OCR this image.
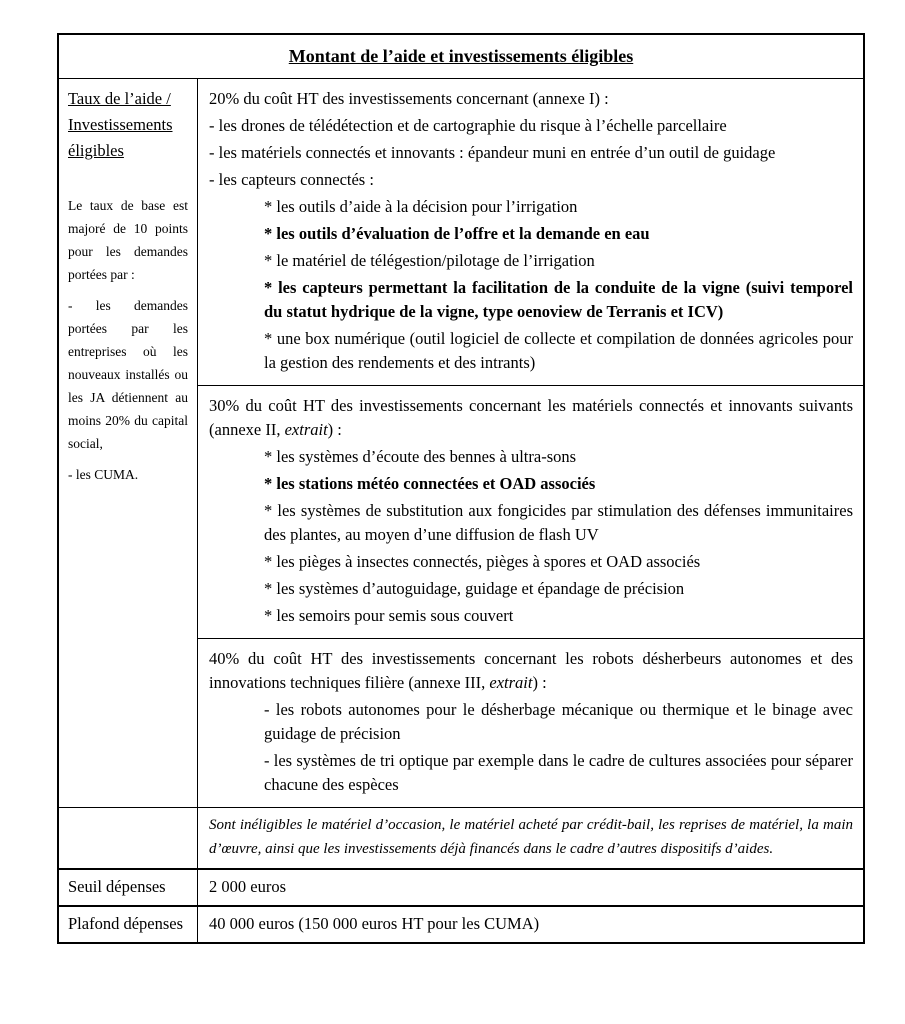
Montant de l’aide et investissements éligibles
Taux de l’aide / Investissements éligibles

Le taux de base est majoré de 10 points pour les demandes portées par :

- les demandes portées par les entreprises où les nouveaux installés ou les JA détiennent au moins 20% du capital social,

- les CUMA.

20% du coût HT des investissements concernant (annexe I) :

- les drones de télédétection et de cartographie du risque à l’échelle parcellaire

- les matériels connectés et innovants : épandeur muni en entrée d’un outil de guidage

- les capteurs connectés :

* les outils d’aide à la décision pour l’irrigation

* les outils d’évaluation de l’offre et la demande en eau

* le matériel de télégestion/pilotage de l’irrigation

* les capteurs permettant la facilitation de la conduite de la vigne (suivi temporel du statut hydrique de la vigne, type oenoview de Terranis et ICV)

* une box numérique (outil logiciel de collecte et compilation de données agricoles pour la gestion des rendements et des intrants)

30% du coût HT des investissements concernant les matériels connectés et innovants suivants (annexe II, extrait) :

* les systèmes d’écoute des bennes à ultra-sons

* les stations météo connectées et OAD associés

* les systèmes de substitution aux fongicides par stimulation des défenses immunitaires des plantes, au moyen d’une diffusion de flash UV

* les pièges à insectes connectés, pièges à spores et OAD associés

* les systèmes d’autoguidage, guidage et épandage de précision

* les semoirs pour semis sous couvert

40% du coût HT des investissements concernant les robots désherbeurs autonomes et des innovations techniques filière (annexe III, extrait) :

- les robots autonomes pour le désherbage mécanique ou thermique et le binage avec guidage de précision

- les systèmes de tri optique par exemple dans le cadre de cultures associées pour séparer chacune des espèces

Sont inéligibles le matériel d’occasion, le matériel acheté par crédit-bail, les reprises de matériel, la main d’œuvre, ainsi que les investissements déjà financés dans le cadre d’autres dispositifs d’aides.

Seuil dépenses	2 000 euros
Plafond dépenses	40 000 euros (150 000 euros HT pour les CUMA)
